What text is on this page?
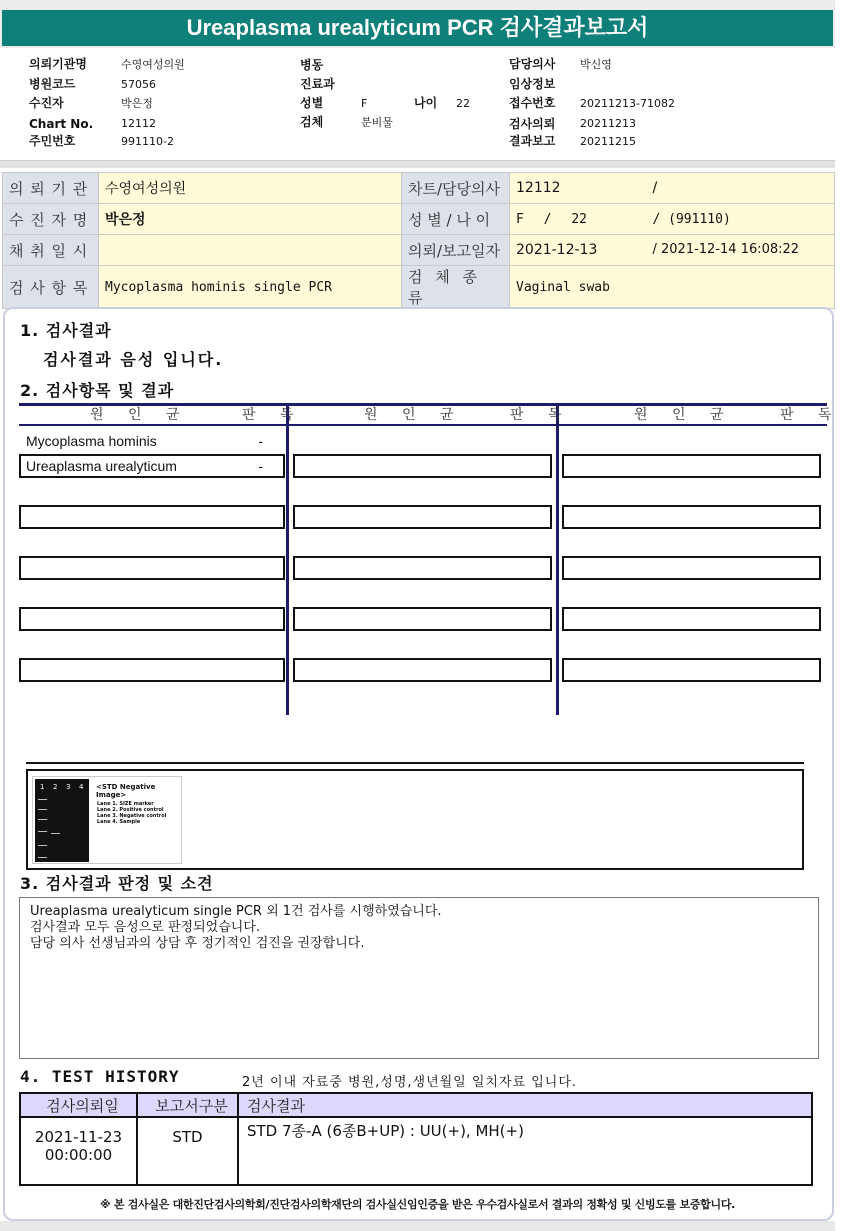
Ureaplasma urealyticum PCR 검사결과보고서
의뢰기관명	수영여성의원
병원코드	57056
수진자	박은정
Chart No.	12112
주민번호	991110-2
병동
진료과
성별	F	나이 22
검체	분비물
담당의사 박신영
임상정보
접수번호 20211213-71082
검사의뢰 20211213
결과보고 20211215
의 뢰 기 관	수영여성의원	차트/담당의사	12112 /

수 진 자 명	박은정	성 별 / 나 이	F / 22 / (991110)

채 취 일 시		의뢰/보고일자	2021-12-13 / 2021-12-14 16:08:22

검 사 항 목	Mycoplasma hominis single PCR	검 체 종 류	Vaginal swab
1. 검사결과
검사결과 음성 입니다.
2. 검사항목 및 결과
원 인 균	판 독	원 인 균	판 독	원 인 균	판 독
Mycoplasma hominis	-
Ureaplasma urealyticum	-
1 2 3 4 <STD Negative Image>
Lane 1. SIZE marker
Lane 2. Positive control
Lane 3. Negative control
Lane 4. Sample
3. 검사결과 판정 및 소견
Ureaplasma urealyticum single PCR 외 1건 검사를 시행하였습니다.
검사결과 모두 음성으로 판정되었습니다.
담당 의사 선생님과의 상담 후 정기적인 검진을 권장합니다.
4. TEST HISTORY	2년 이내 자료중 병원,성명,생년월일 일치자료 입니다.
검사의뢰일	보고서구분	검사결과

2021-11-23
00:00:00	STD	STD 7종-A (6종B+UP) : UU(+), MH(+)
※ 본 검사실은 대한진단검사의학회/진단검사의학재단의 검사실신임인증을 받은 우수검사실로서 결과의 정확성 및 신빙도를 보증합니다.
